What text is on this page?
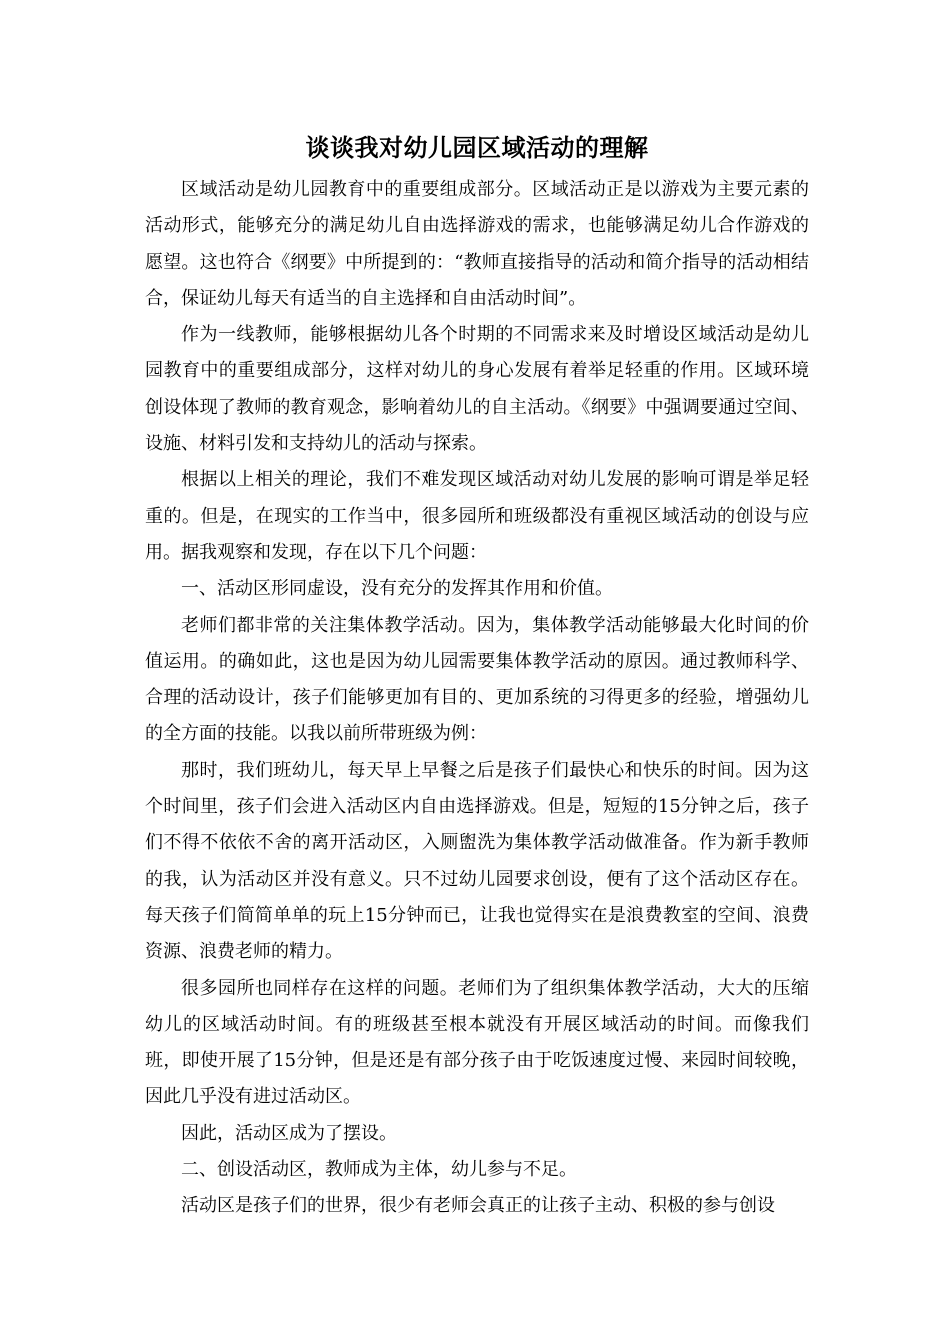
谈谈我对幼儿园区域活动的理解

区域活动是幼儿园教育中的重要组成部分。区域活动正是以游戏为主要元素的活动形式，能够充分的满足幼儿自由选择游戏的需求，也能够满足幼儿合作游戏的愿望。这也符合《纲要》中所提到的：“教师直接指导的活动和简介指导的活动相结合，保证幼儿每天有适当的自主选择和自由活动时间”。

作为一线教师，能够根据幼儿各个时期的不同需求来及时增设区域活动是幼儿园教育中的重要组成部分，这样对幼儿的身心发展有着举足轻重的作用。区域环境创设体现了教师的教育观念，影响着幼儿的自主活动。《纲要》中强调要通过空间、设施、材料引发和支持幼儿的活动与探索。

根据以上相关的理论，我们不难发现区域活动对幼儿发展的影响可谓是举足轻重的。但是，在现实的工作当中，很多园所和班级都没有重视区域活动的创设与应用。据我观察和发现，存在以下几个问题：

一、活动区形同虚设，没有充分的发挥其作用和价值。

老师们都非常的关注集体教学活动。因为，集体教学活动能够最大化时间的价值运用。的确如此，这也是因为幼儿园需要集体教学活动的原因。通过教师科学、合理的活动设计，孩子们能够更加有目的、更加系统的习得更多的经验，增强幼儿的全方面的技能。以我以前所带班级为例：

那时，我们班幼儿，每天早上早餐之后是孩子们最快心和快乐的时间。因为这个时间里，孩子们会进入活动区内自由选择游戏。但是，短短的15分钟之后，孩子们不得不依依不舍的离开活动区，入厕盥洗为集体教学活动做准备。作为新手教师的我，认为活动区并没有意义。只不过幼儿园要求创设，便有了这个活动区存在。每天孩子们简简单单的玩上15分钟而已，让我也觉得实在是浪费教室的空间、浪费资源、浪费老师的精力。

很多园所也同样存在这样的问题。老师们为了组织集体教学活动，大大的压缩幼儿的区域活动时间。有的班级甚至根本就没有开展区域活动的时间。而像我们班，即使开展了15分钟，但是还是有部分孩子由于吃饭速度过慢、来园时间较晚，因此几乎没有进过活动区。

因此，活动区成为了摆设。

二、创设活动区，教师成为主体，幼儿参与不足。

活动区是孩子们的世界，很少有老师会真正的让孩子主动、积极的参与创设
